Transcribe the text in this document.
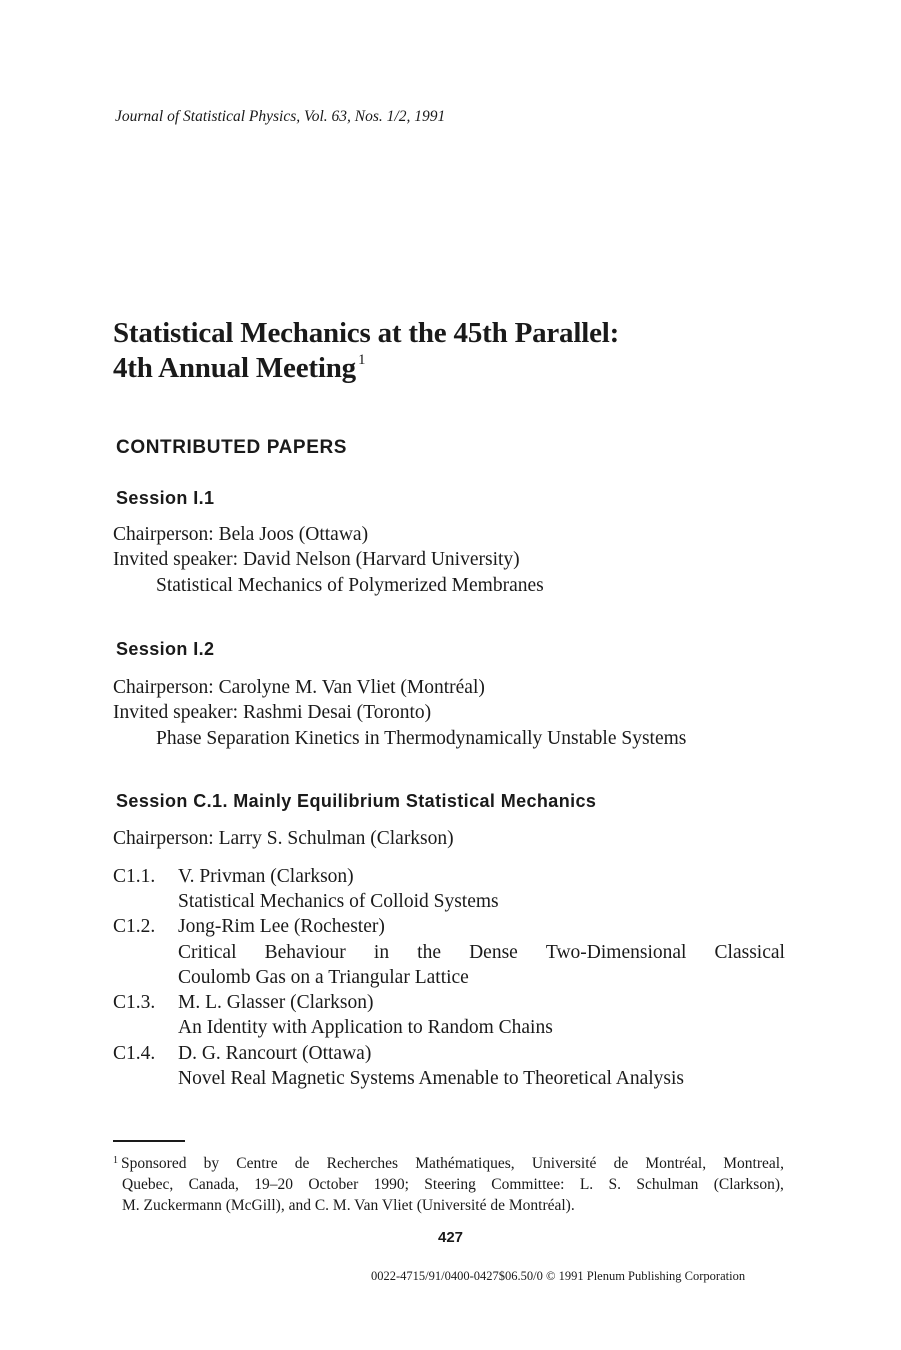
Journal of Statistical Physics, Vol. 63, Nos. 1/2, 1991
Statistical Mechanics at the 45th Parallel:
4th Annual Meeting $^1$
CONTRIBUTED PAPERS
Session I.1
Chairperson: Bela Joos (Ottawa)
Invited speaker: David Nelson (Harvard University)
Statistical Mechanics of Polymerized Membranes
Session I.2
Chairperson: Carolyne M. Van Vliet (Montréal)
Invited speaker: Rashmi Desai (Toronto)
Phase Separation Kinetics in Thermodynamically Unstable Systems
Session C.1. Mainly Equilibrium Statistical Mechanics
Chairperson: Larry S. Schulman (Clarkson)
C1.1. V. Privman (Clarkson)
Statistical Mechanics of Colloid Systems
C1.2. Jong-Rim Lee (Rochester)
Critical Behaviour in the Dense Two-Dimensional Classical
Coulomb Gas on a Triangular Lattice
C1.3. M. L. Glasser (Clarkson)
An Identity with Application to Random Chains
C1.4. D. G. Rancourt (Ottawa)
Novel Real Magnetic Systems Amenable to Theoretical Analysis
$^1$ Sponsored by Centre de Recherches Mathématiques, Université de Montréal, Montreal,
Quebec, Canada, 19–20 October 1990; Steering Committee: L. S. Schulman (Clarkson),
M. Zuckermann (McGill), and C. M. Van Vliet (Université de Montréal).
427
0022-4715/91/0400-0427$06.50/0 © 1991 Plenum Publishing Corporation
